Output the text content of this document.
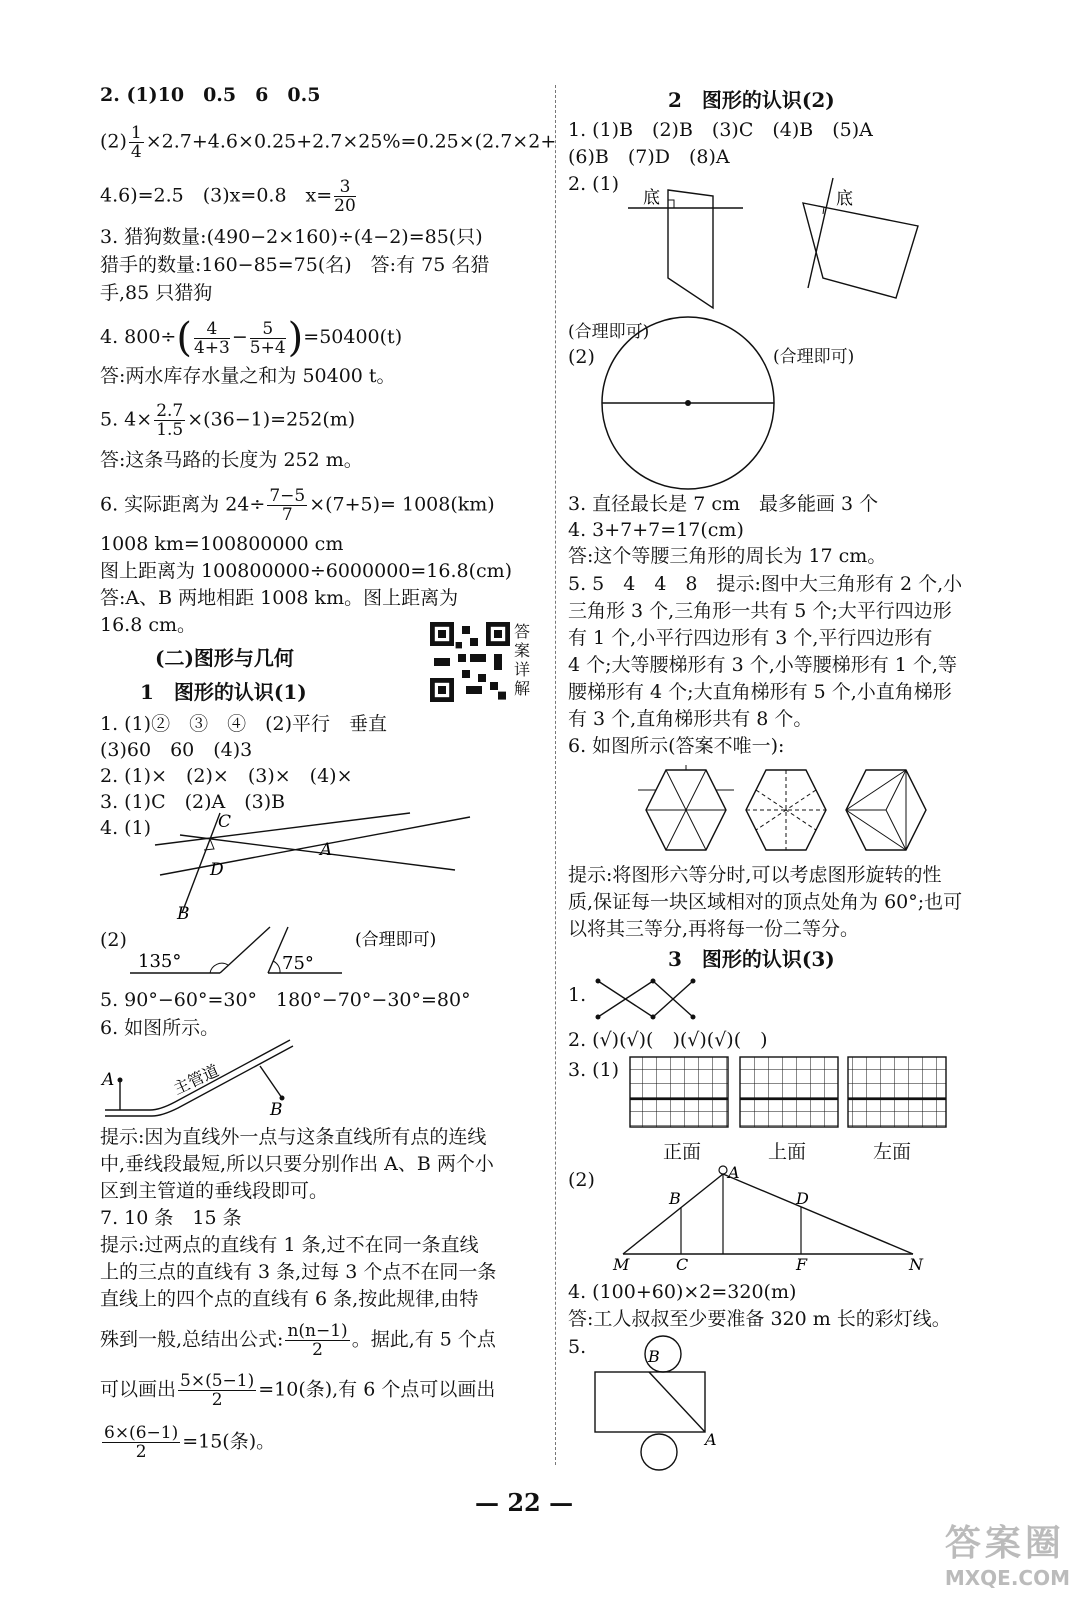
2. (1)10　0.5　6　0.5
$(2) \frac{1}{4} \times 2.7+4.6\times 0.25+2.7\times 25\%=0.25\times(2.7\times 2+$
4.6)=2.5　(3)x=0.8　$x= \frac{3}{20}$
3. 猎狗数量:(490−2×160)÷(4−2)=85(只)
猎手的数量:160−85=75(名)　答:有 75 名猎
手,85 只猎狗
4. $800\div( \frac{4}{4+3} - \frac{5}{5+4} )=50400(t)$
答:两水库存水量之和为 50400 t。
5. $4\times \frac{2.7}{1.5} \times(36-1)=252(m)$
答:这条马路的长度为 252 m。
6. 实际距离为 $24\div \frac{7-5}{7} \times(7+5)= 1008(km)$
1008 km=100800000 cm
图上距离为 100800000÷6000000=16.8(cm)
答:A、B 两地相距 1008 km。图上距离为
16.8 cm。
(二)图形与几何
1　图形的认识(1)
1. (1)②　③　④　(2)平行　垂直
(3)60　60　(4)3
2. (1)×　(2)×　(3)×　(4)×
3. (1)C　(2)A　(3)B
4. (1)	C
D
A
B
(2)
135°	75°
(合理即可)
5. 90°−60°=30°　180°−70°−30°=80°
6. 如图所示。
A	主管道
B
提示:因为直线外一点与这条直线所有点的连线
中,垂线段最短,所以只要分别作出 A、B 两个小
区到主管道的垂线段即可。
7. 10 条　15 条
提示:过两点的直线有 1 条,过不在同一条直线
上的三点的直线有 3 条,过每 3 个点不在同一条
直线上的四个点的直线有 6 条,按此规律,由特
殊到一般,总结出公式: $\frac{n(n-1)}{2}$ 。据此,有 5 个点
可以画出 $\frac{5\times(5-1)}{2} =10$(条),有 6 个点可以画出
$\frac{6\times(6-1)}{2} =15$(条)。
答案详解
2　图形的认识(2)
1. (1)B　(2)B　(3)C　(4)B　(5)A
(6)B　(7)D　(8)A
2. (1)
底	底
(合理即可)
(2)	(合理即可)
3. 直径最长是 7 cm　最多能画 3 个
4. 3+7+7=17(cm)
答:这个等腰三角形的周长为 17 cm。
5. 5　4　4　8　提示:图中大三角形有 2 个,小
三角形 3 个,三角形一共有 5 个;大平行四边形
有 1 个,小平行四边形有 3 个,平行四边形有
4 个;大等腰梯形有 3 个,小等腰梯形有 1 个,等
腰梯形有 4 个;大直角梯形有 5 个,小直角梯形
有 3 个,直角梯形共有 8 个。
6. 如图所示(答案不唯一):
提示:将图形六等分时,可以考虑图形旋转的性
质,保证每一块区域相对的顶点处角为 60°;也可
以将其三等分,再将每一份二等分。
3　图形的认识(3)
1.
2. (√)(√)(　)(√)(√)(　)
3. (1)
正面	上面	左面
(2)	A
B	D
M	C	F	N
4. (100+60)×2=320(m)
答:工人叔叔至少要准备 320 m 长的彩灯线。
5.	B
A
— 22 —
答案圈
MXQE.COM
